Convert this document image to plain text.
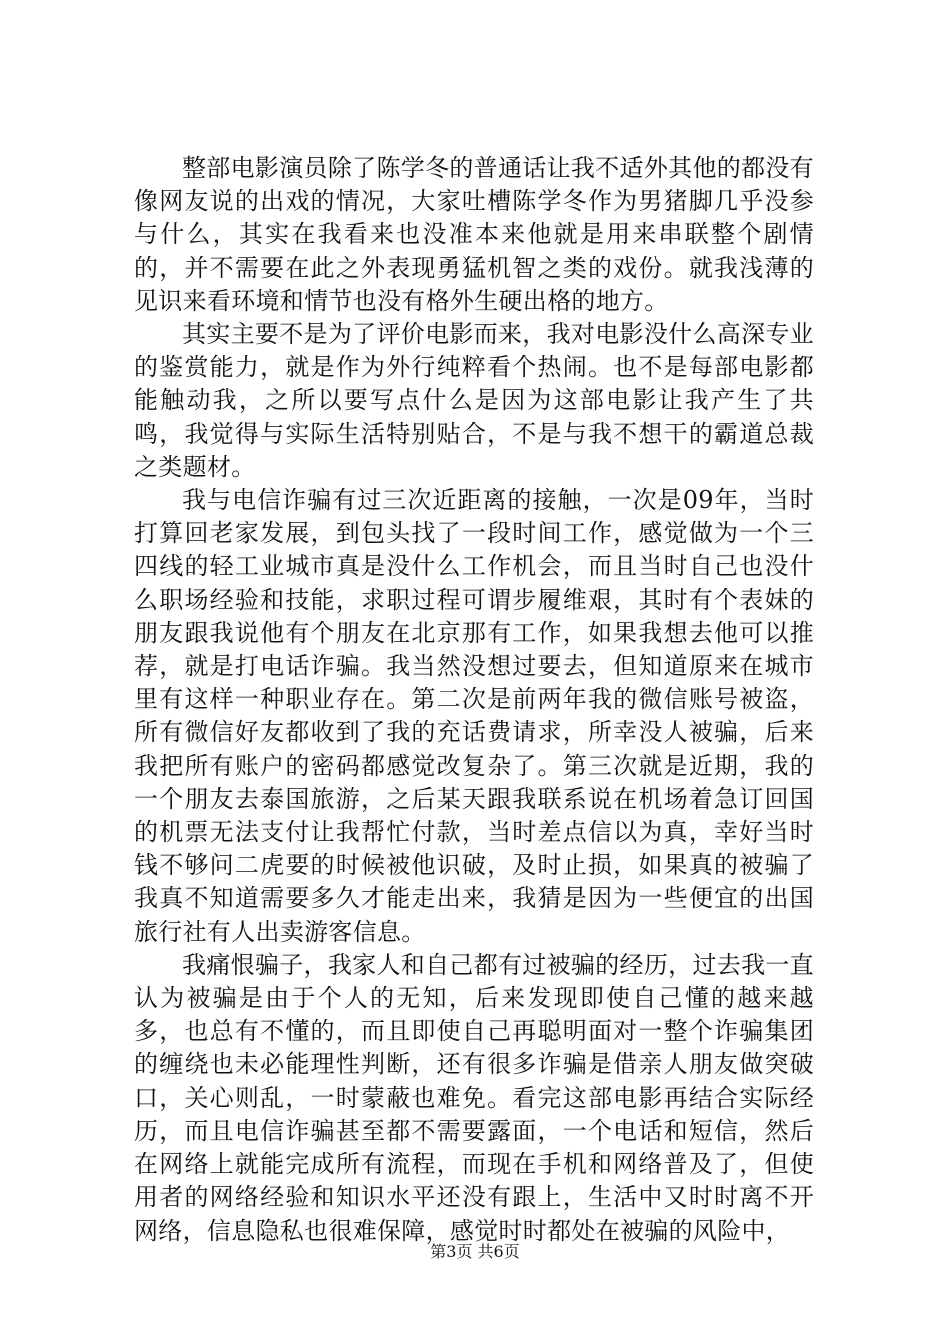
整部电影演员除了陈学冬的普通话让我不适外其他的都没有像网友说的出戏的情况，大家吐槽陈学冬作为男猪脚几乎没参与什么，其实在我看来也没准本来他就是用来串联整个剧情的，并不需要在此之外表现勇猛机智之类的戏份。就我浅薄的见识来看环境和情节也没有格外生硬出格的地方。

其实主要不是为了评价电影而来，我对电影没什么高深专业的鉴赏能力，就是作为外行纯粹看个热闹。也不是每部电影都能触动我，之所以要写点什么是因为这部电影让我产生了共鸣，我觉得与实际生活特别贴合，不是与我不想干的霸道总裁之类题材。

我与电信诈骗有过三次近距离的接触，一次是09年，当时打算回老家发展，到包头找了一段时间工作，感觉做为一个三四线的轻工业城市真是没什么工作机会，而且当时自己也没什么职场经验和技能，求职过程可谓步履维艰，其时有个表妹的朋友跟我说他有个朋友在北京那有工作，如果我想去他可以推荐，就是打电话诈骗。我当然没想过要去，但知道原来在城市里有这样一种职业存在。第二次是前两年我的微信账号被盗，所有微信好友都收到了我的充话费请求，所幸没人被骗，后来我把所有账户的密码都感觉改复杂了。第三次就是近期，我的一个朋友去泰国旅游，之后某天跟我联系说在机场着急订回国的机票无法支付让我帮忙付款，当时差点信以为真，幸好当时钱不够问二虎要的时候被他识破，及时止损，如果真的被骗了我真不知道需要多久才能走出来，我猜是因为一些便宜的出国旅行社有人出卖游客信息。

我痛恨骗子，我家人和自己都有过被骗的经历，过去我一直认为被骗是由于个人的无知，后来发现即使自己懂的越来越多，也总有不懂的，而且即使自己再聪明面对一整个诈骗集团的缠绕也未必能理性判断，还有很多诈骗是借亲人朋友做突破口，关心则乱，一时蒙蔽也难免。看完这部电影再结合实际经历，而且电信诈骗甚至都不需要露面，一个电话和短信，然后在网络上就能完成所有流程，而现在手机和网络普及了，但使用者的网络经验和知识水平还没有跟上，生活中又时时离不开网络，信息隐私也很难保障，感觉时时都处在被骗的风险中，

第3页 共6页
